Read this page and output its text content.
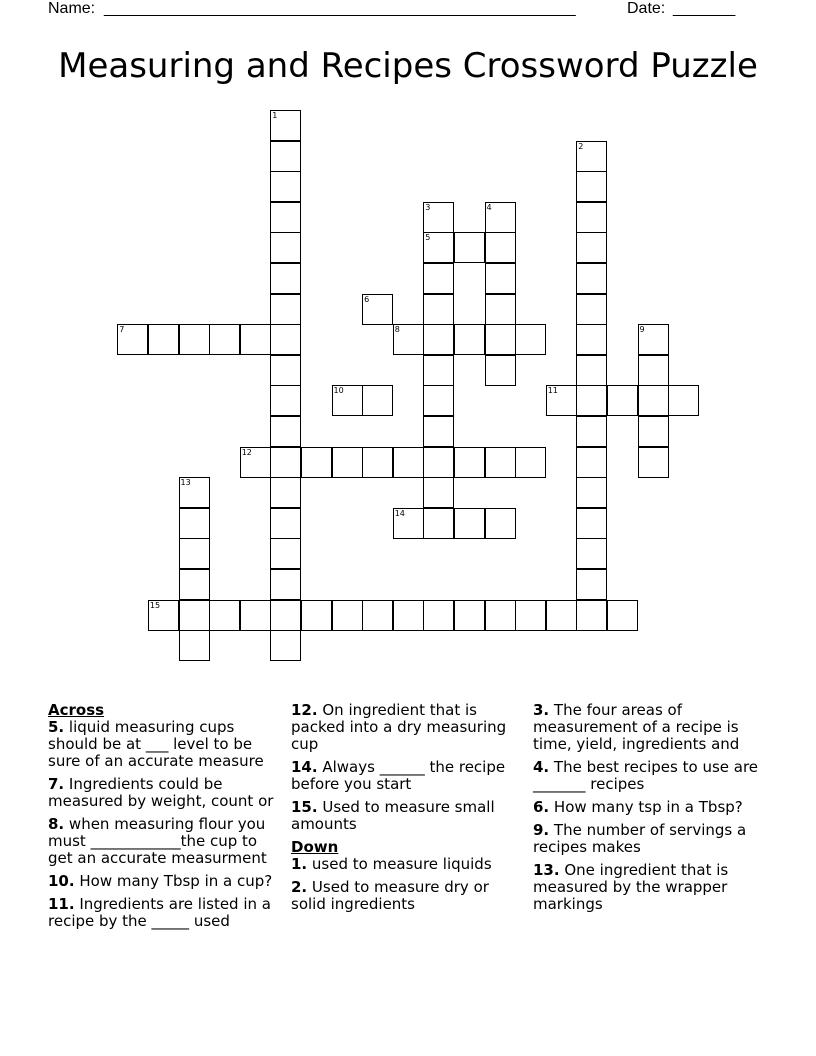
Name: _____________________________________________________	Date: _______
Measuring and Recipes Crossword Puzzle
1
2
3
5
4
6
7	8	9
10	11
12
13
14
15
Across
5. liquid measuring cups should be at ___ level to be sure of an accurate measure
7. Ingredients could be measured by weight, count or
8. when measuring flour you must ____________the cup to get an accurate measurment
10. How many Tbsp in a cup?
11. Ingredients are listed in a recipe by the _____ used
12. On ingredient that is packed into a dry measuring cup
14. Always ______ the recipe before you start
15. Used to measure small amounts
Down
1. used to measure liquids
2. Used to measure dry or solid ingredients
3. The four areas of measurement of a recipe is time, yield, ingredients and
4. The best recipes to use are _______ recipes
6. How many tsp in a Tbsp?
9. The number of servings a recipes makes
13. One ingredient that is measured by the wrapper markings
